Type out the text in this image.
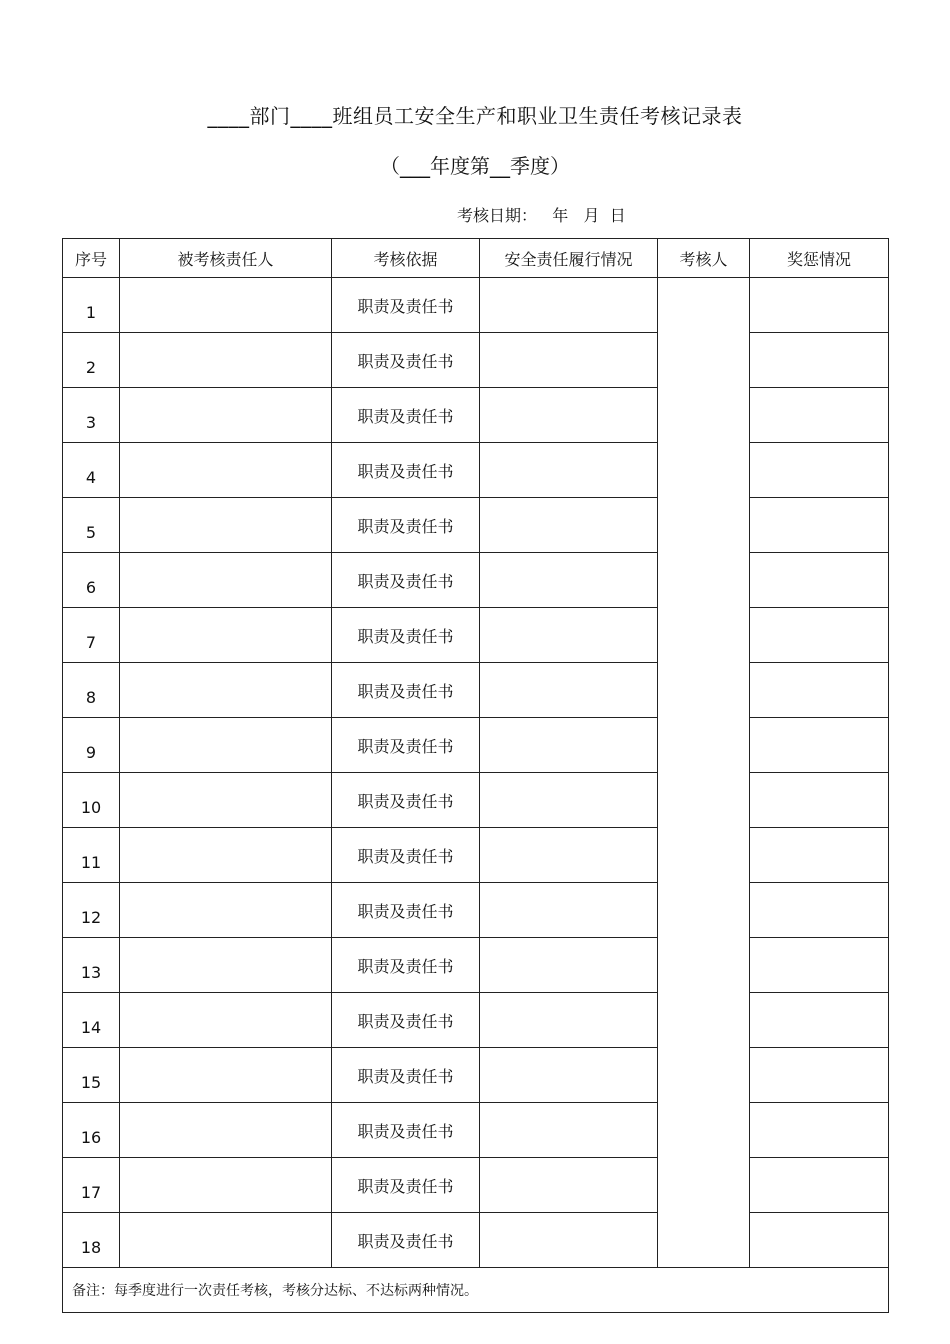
____部门____班组员工安全生产和职业卫生责任考核记录表
（___年度第__季度）
考核日期：   年   月  日
序号	被考核责任人	考核依据	安全责任履行情况	考核人	奖惩情况
1		职责及责任书			
2		职责及责任书			
3		职责及责任书			
4		职责及责任书			
5		职责及责任书			
6		职责及责任书			
7		职责及责任书			
8		职责及责任书			
9		职责及责任书			
10		职责及责任书			
11		职责及责任书			
12		职责及责任书			
13		职责及责任书			
14		职责及责任书			
15		职责及责任书			
16		职责及责任书			
17		职责及责任书			
18		职责及责任书			
备注：每季度进行一次责任考核，考核分达标、不达标两种情况。					
